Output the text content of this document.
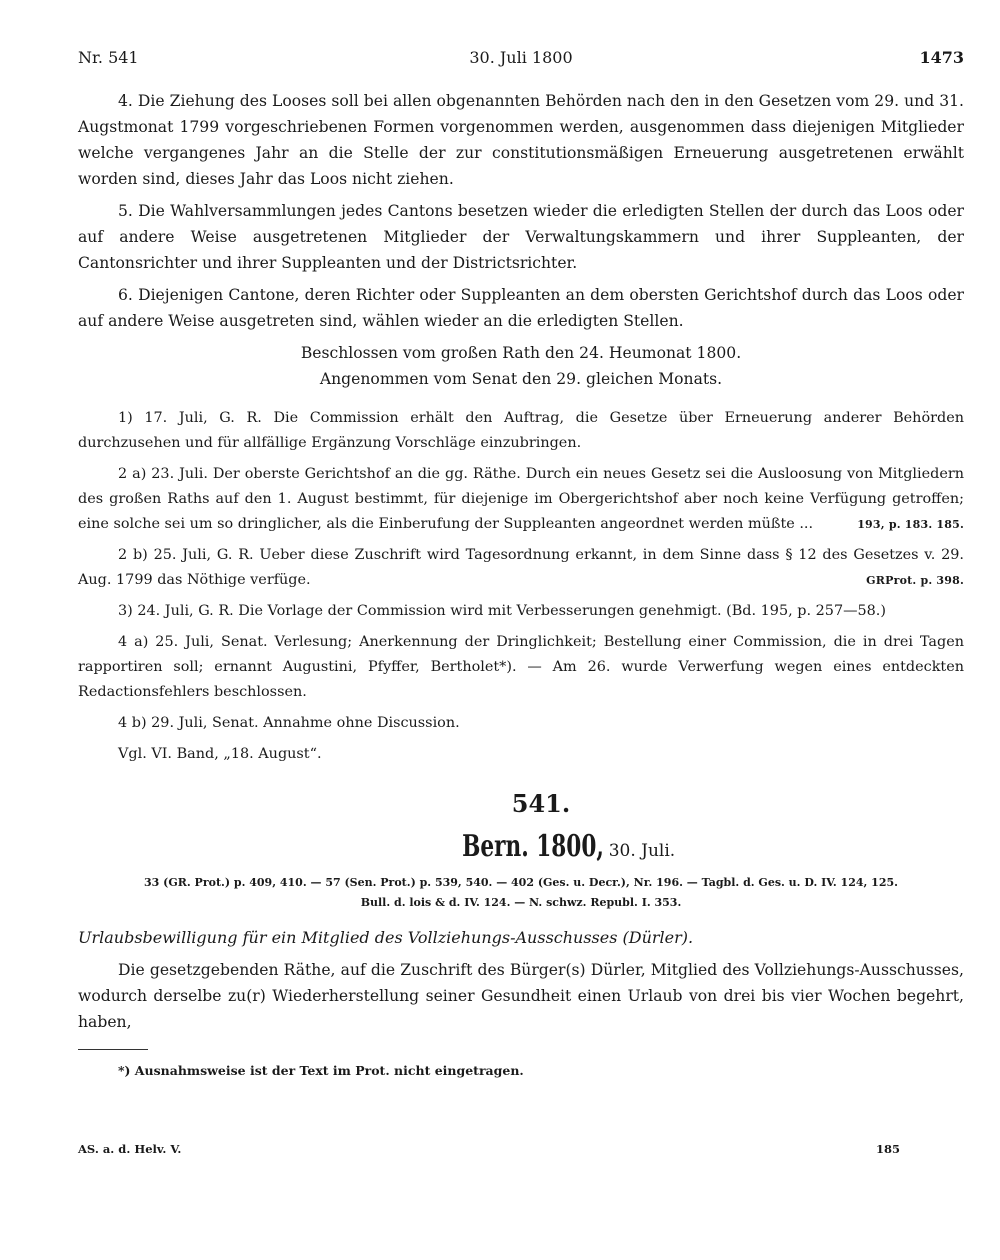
Nr. 541	30. Juli 1800	1473

4. Die Ziehung des Looses soll bei allen obgenannten Behörden nach den in den Gesetzen vom 29. und 31. Augstmonat 1799 vorgeschriebenen Formen vorgenommen werden, ausgenommen dass diejenigen Mitglieder welche vergangenes Jahr an die Stelle der zur constitutionsmäßigen Erneuerung ausgetretenen erwählt worden sind, dieses Jahr das Loos nicht ziehen.

5. Die Wahlversammlungen jedes Cantons besetzen wieder die erledigten Stellen der durch das Loos oder auf andere Weise ausgetretenen Mitglieder der Verwaltungskammern und ihrer Suppleanten, der Cantonsrichter und ihrer Suppleanten und der Districtsrichter.

6. Diejenigen Cantone, deren Richter oder Suppleanten an dem obersten Gerichtshof durch das Loos oder auf andere Weise ausgetreten sind, wählen wieder an die erledigten Stellen.

Beschlossen vom großen Rath den 24. Heumonat 1800.

Angenommen vom Senat den 29. gleichen Monats.

1) 17. Juli, G. R. Die Commission erhält den Auftrag, die Gesetze über Erneuerung anderer Behörden durchzusehen und für allfällige Ergänzung Vorschläge einzubringen.

2 a) 23. Juli. Der oberste Gerichtshof an die gg. Räthe. Durch ein neues Gesetz sei die Ausloosung von Mitgliedern des großen Raths auf den 1. August bestimmt, für diejenige im Obergerichtshof aber noch keine Verfügung getroffen; eine solche sei um so dringlicher, als die Einberufung der Suppleanten angeordnet werden müßte ...	193, p. 183. 185.

2 b) 25. Juli, G. R. Ueber diese Zuschrift wird Tagesordnung erkannt, in dem Sinne dass § 12 des Gesetzes v. 29. Aug. 1799 das Nöthige verfüge.	GRProt. p. 398.

3) 24. Juli, G. R. Die Vorlage der Commission wird mit Verbesserungen genehmigt. (Bd. 195, p. 257—58.)

4 a) 25. Juli, Senat. Verlesung; Anerkennung der Dringlichkeit; Bestellung einer Commission, die in drei Tagen rapportiren soll; ernannt Augustini, Pfyffer, Bertholet*). — Am 26. wurde Verwerfung wegen eines entdeckten Redactionsfehlers beschlossen.

4 b) 29. Juli, Senat. Annahme ohne Discussion.

Vgl. VI. Band, „18. August“.

541.
Bern. 1800, 30. Juli.
33 (GR. Prot.) p. 409, 410. — 57 (Sen. Prot.) p. 539, 540. — 402 (Ges. u. Decr.), Nr. 196. — Tagbl. d. Ges. u. D. IV. 124, 125.
Bull. d. lois & d. IV. 124. — N. schwz. Republ. I. 353.

Urlaubsbewilligung für ein Mitglied des Vollziehungs-Ausschusses (Dürler).

Die gesetzgebenden Räthe, auf die Zuschrift des Bürger(s) Dürler, Mitglied des Vollziehungs-Ausschusses, wodurch derselbe zu(r) Wiederherstellung seiner Gesundheit einen Urlaub von drei bis vier Wochen begehrt, haben,

*) Ausnahmsweise ist der Text im Prot. nicht eingetragen.
AS. a. d. Helv. V.	185
